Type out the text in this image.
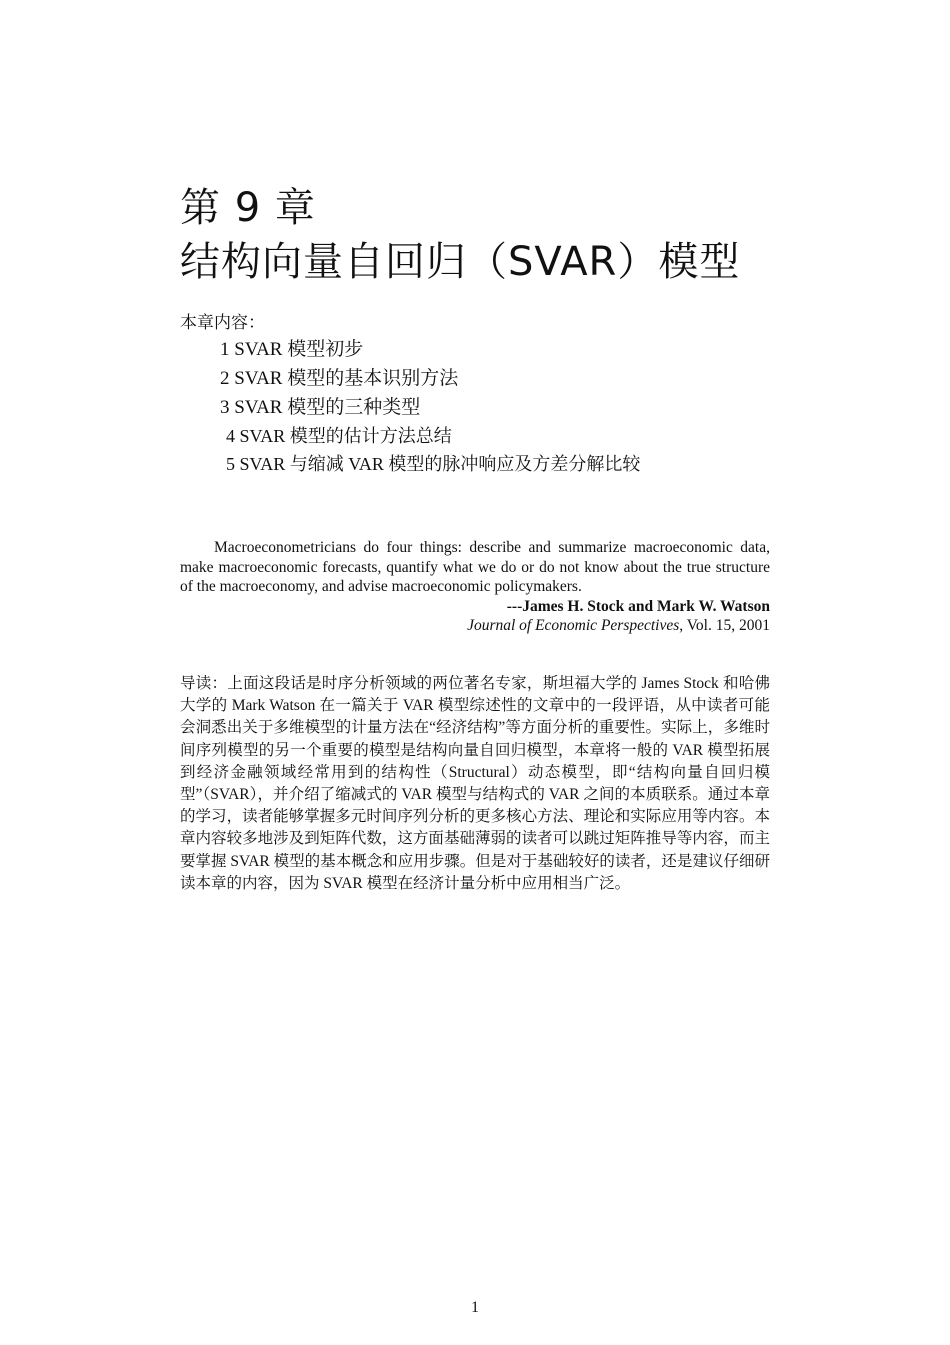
第 9 章
结构向量自回归（SVAR）模型
本章内容：
1 SVAR 模型初步
2 SVAR 模型的基本识别方法
3 SVAR 模型的三种类型
4 SVAR 模型的估计方法总结
5 SVAR 与缩减 VAR 模型的脉冲响应及方差分解比较

Macroeconometricians do four things: describe and summarize macroeconomic data, make macroeconomic forecasts, quantify what we do or do not know about the true structure of the macroeconomy, and advise macroeconomic policymakers.

---James H. Stock and Mark W. Watson

Journal of Economic Perspectives, Vol. 15, 2001

导读：上面这段话是时序分析领域的两位著名专家，斯坦福大学的 James Stock 和哈佛大学的 Mark Watson 在一篇关于 VAR 模型综述性的文章中的一段评语，从中读者可能会洞悉出关于多维模型的计量方法在“经济结构”等方面分析的重要性。实际上，多维时间序列模型的另一个重要的模型是结构向量自回归模型，本章将一般的 VAR 模型拓展到经济金融领域经常用到的结构性（Structural）动态模型，即“结构向量自回归模型”（SVAR），并介绍了缩减式的 VAR 模型与结构式的 VAR 之间的本质联系。通过本章的学习，读者能够掌握多元时间序列分析的更多核心方法、理论和实际应用等内容。本章内容较多地涉及到矩阵代数，这方面基础薄弱的读者可以跳过矩阵推导等内容，而主要掌握 SVAR 模型的基本概念和应用步骤。但是对于基础较好的读者，还是建议仔细研读本章的内容，因为 SVAR 模型在经济计量分析中应用相当广泛。

1
